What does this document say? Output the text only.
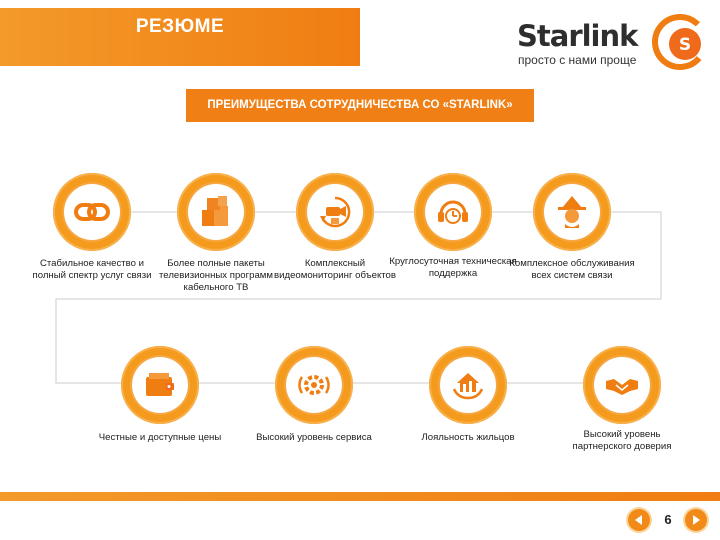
РЕЗЮМЕ	Starlink
просто с нами проще
S
ПРЕИМУЩЕСТВА СОТРУДНИЧЕСТВА СО «STARLINK»
Стабильное качество и полный спектр услуг связи
Более полные пакеты телевизионных программ кабельного ТВ
Комплексный видеомониторинг объектов
Круглосуточная техническая поддержка
Комплексное обслуживания всех систем связи
Честные и доступные цены	Высокий уровень сервиса	Лояльность жильцов	Высокий уровень партнерского доверия
6
